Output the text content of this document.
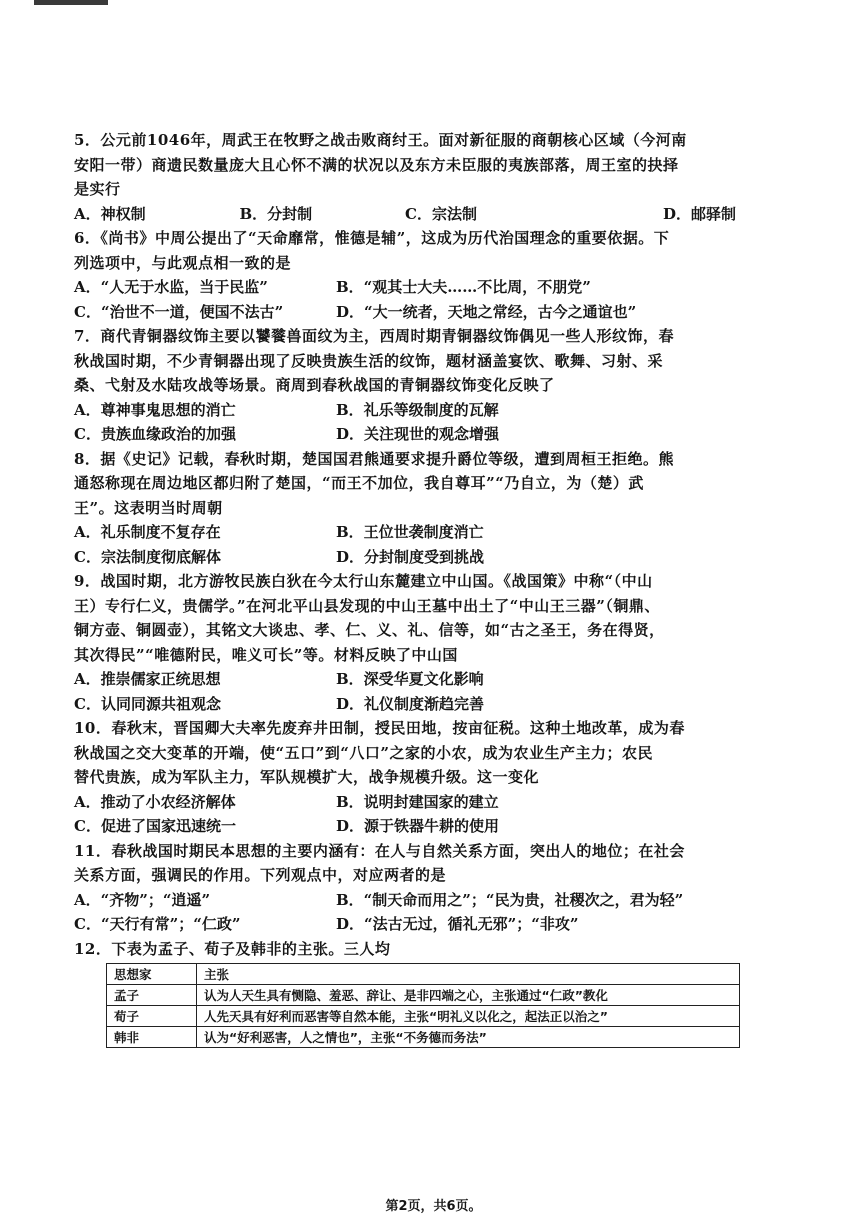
5．公元前1046年，周武王在牧野之战击败商纣王。面对新征服的商朝核心区域（今河南
安阳一带）商遗民数量庞大且心怀不满的状况以及东方未臣服的夷族部落，周王室的抉择
是实行
A．神权制	B．分封制	C．宗法制	D．邮驿制
6．《尚书》中周公提出了“天命靡常，惟德是辅”，这成为历代治国理念的重要依据。下
列选项中，与此观点相一致的是
A．“人无于水监，当于民监”	B．“观其士大夫……不比周，不朋党”
C．“治世不一道，便国不法古”	D．“大一统者，天地之常经，古今之通谊也”
7．商代青铜器纹饰主要以饕餮兽面纹为主，西周时期青铜器纹饰偶见一些人形纹饰，春
秋战国时期，不少青铜器出现了反映贵族生活的纹饰，题材涵盖宴饮、歌舞、习射、采
桑、弋射及水陆攻战等场景。商周到春秋战国的青铜器纹饰变化反映了
A．尊神事鬼思想的消亡	B．礼乐等级制度的瓦解
C．贵族血缘政治的加强	D．关注现世的观念增强
8．据《史记》记载，春秋时期，楚国国君熊通要求提升爵位等级，遭到周桓王拒绝。熊
通怒称现在周边地区都归附了楚国，“而王不加位，我自尊耳”“乃自立，为（楚）武
王”。这表明当时周朝
A．礼乐制度不复存在	B．王位世袭制度消亡
C．宗法制度彻底解体	D．分封制度受到挑战
9．战国时期，北方游牧民族白狄在今太行山东麓建立中山国。《战国策》中称“（中山
王）专行仁义，贵儒学。”在河北平山县发现的中山王墓中出土了“中山王三器”（铜鼎、
铜方壶、铜圆壶），其铭文大谈忠、孝、仁、义、礼、信等，如“古之圣王，务在得贤，
其次得民”“唯德附民，唯义可长”等。材料反映了中山国
A．推崇儒家正统思想	B．深受华夏文化影响
C．认同同源共祖观念	D．礼仪制度渐趋完善
10．春秋末，晋国卿大夫率先废弃井田制，授民田地，按亩征税。这种土地改革，成为春
秋战国之交大变革的开端，使“五口”到“八口”之家的小农，成为农业生产主力；农民
替代贵族，成为军队主力，军队规模扩大，战争规模升级。这一变化
A．推动了小农经济解体	B．说明封建国家的建立
C．促进了国家迅速统一	D．源于铁器牛耕的使用
11．春秋战国时期民本思想的主要内涵有：在人与自然关系方面，突出人的地位；在社会
关系方面，强调民的作用。下列观点中，对应两者的是
A．“齐物”；“逍遥”	B．“制天命而用之”；“民为贵，社稷次之，君为轻”
C．“天行有常”；“仁政”	D．“法古无过，循礼无邪”；“非攻”
12．下表为孟子、荀子及韩非的主张。三人均
思想家	主张
孟子	认为人天生具有恻隐、羞恶、辞让、是非四端之心，主张通过“仁政”教化
荀子	人先天具有好利而恶害等自然本能，主张“明礼义以化之，起法正以治之”
韩非	认为“好利恶害，人之情也”，主张“不务德而务法”
第2页，共6页。
